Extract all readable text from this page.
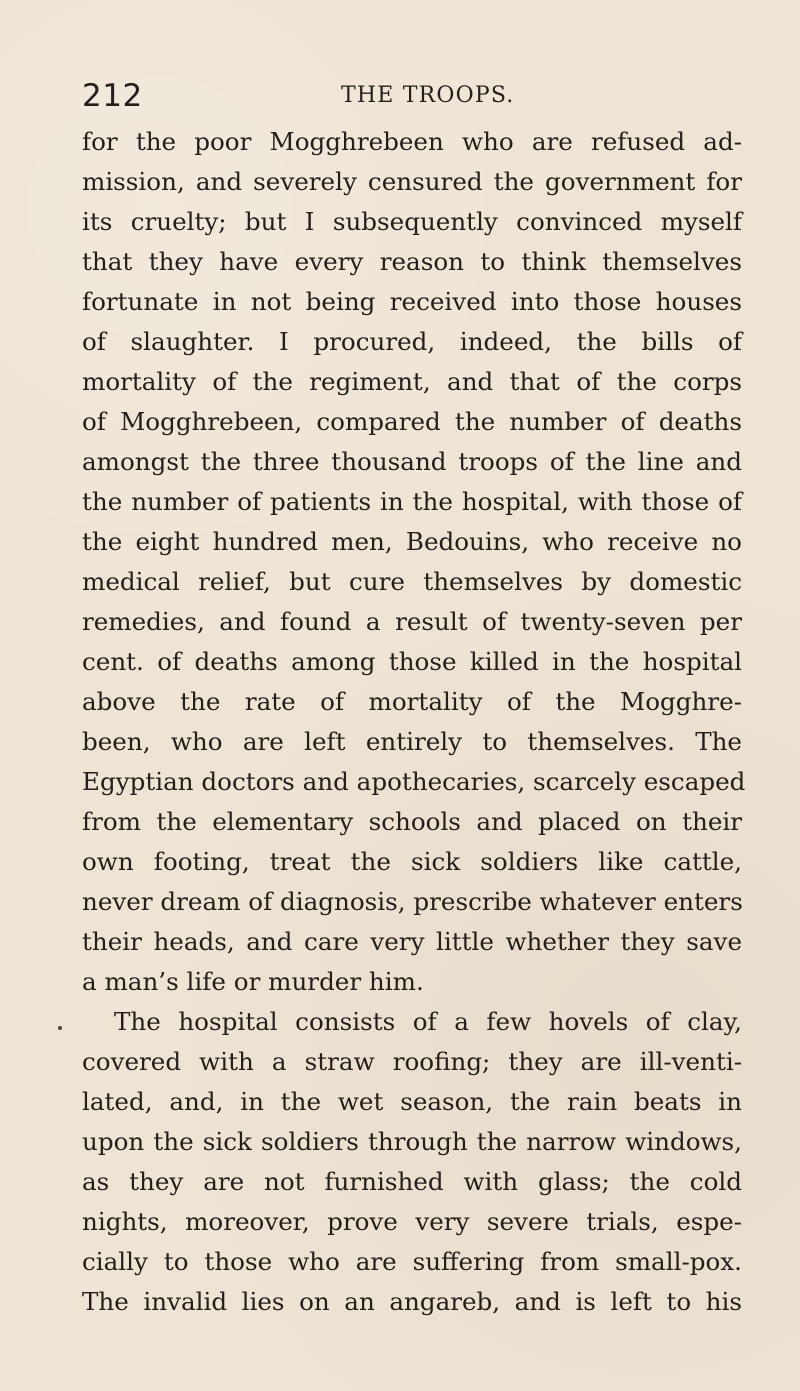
212	THE TROOPS.
for the poor Mogghrebeen who are refused ad-
mission, and severely censured the government for
its cruelty; but I subsequently convinced myself
that they have every reason to think themselves
fortunate in not being received into those houses
of slaughter. I procured, indeed, the bills of
mortality of the regiment, and that of the corps
of Mogghrebeen, compared the number of deaths
amongst the three thousand troops of the line and
the number of patients in the hospital, with those of
the eight hundred men, Bedouins, who receive no
medical relief, but cure themselves by domestic
remedies, and found a result of twenty-seven per
cent. of deaths among those killed in the hospital
above the rate of mortality of the Mogghre-
been, who are left entirely to themselves. The
Egyptian doctors and apothecaries, scarcely escaped
from the elementary schools and placed on their
own footing, treat the sick soldiers like cattle,
never dream of diagnosis, prescribe whatever enters
their heads, and care very little whether they save
a man’s life or murder him.
The hospital consists of a few hovels of clay,
covered with a straw roofing; they are ill-venti-
lated, and, in the wet season, the rain beats in
upon the sick soldiers through the narrow windows,
as they are not furnished with glass; the cold
nights, moreover, prove very severe trials, espe-
cially to those who are suffering from small-pox.
The invalid lies on an angareb, and is left to his
